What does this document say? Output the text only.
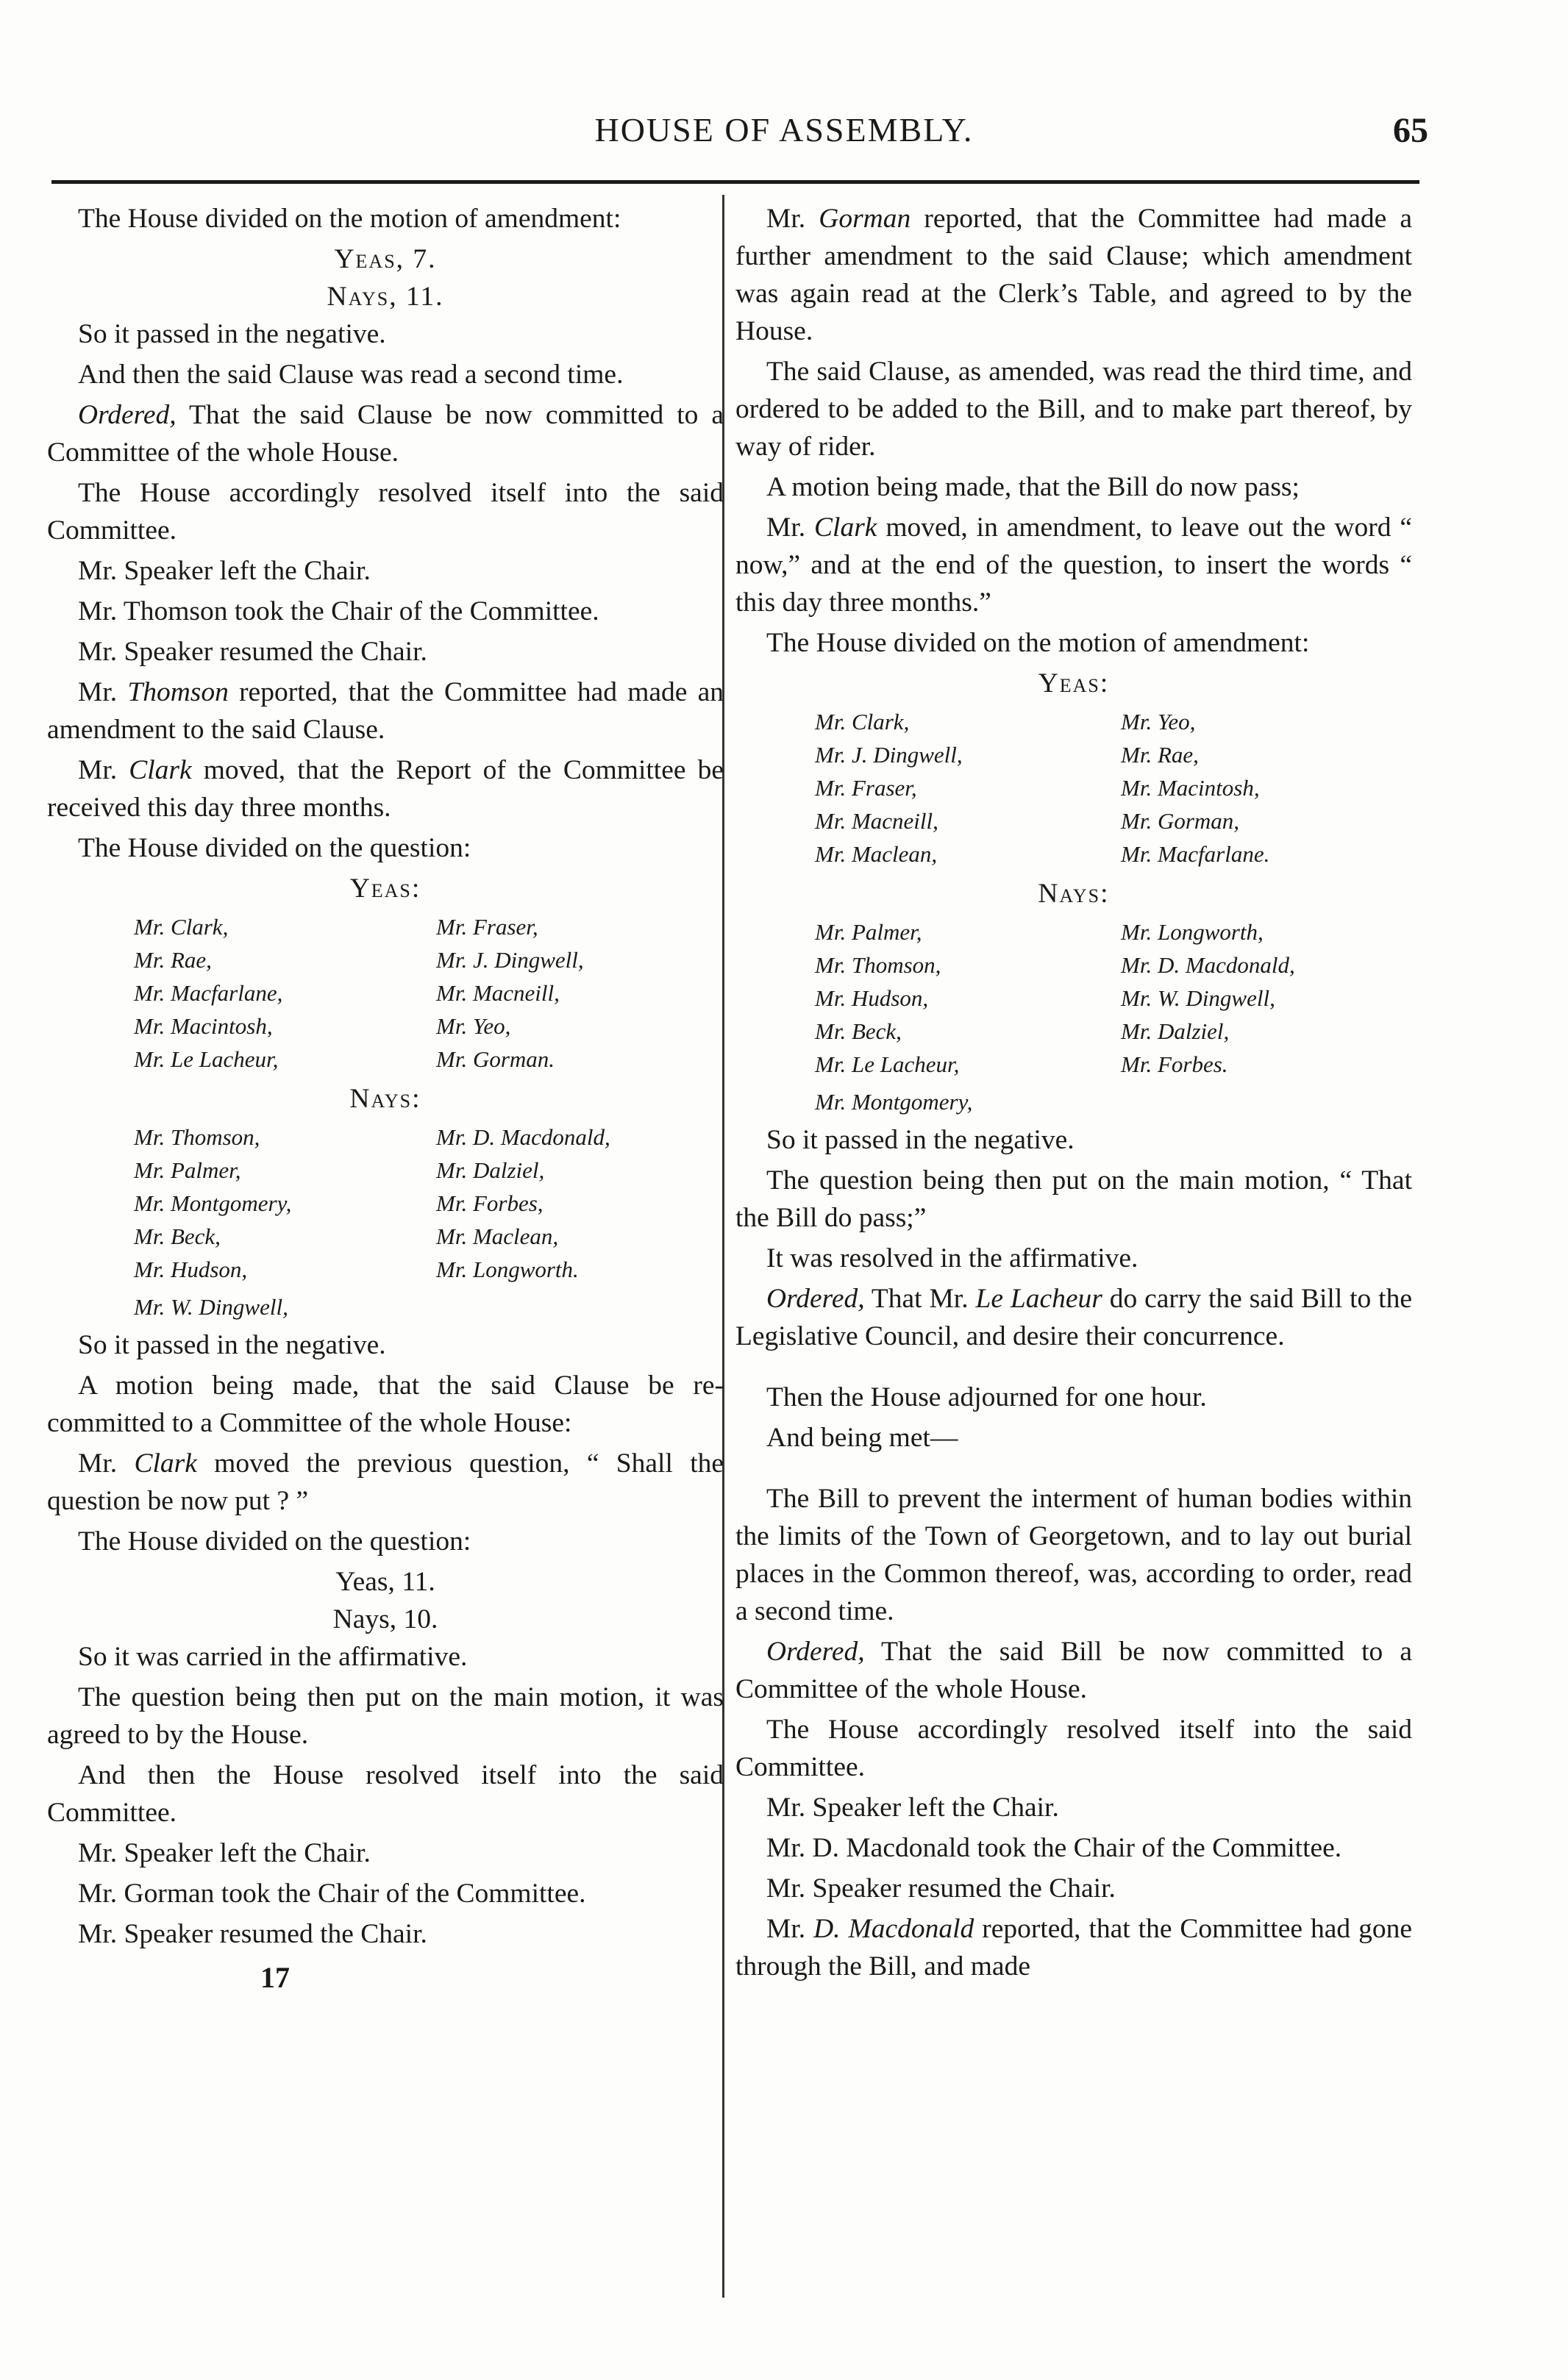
HOUSE OF ASSEMBLY.	65

The House divided on the motion of amendment:

Yeas, 7.

Nays, 11.

So it passed in the negative.

And then the said Clause was read a second time.

Ordered, That the said Clause be now committed to a Committee of the whole House.

The House accordingly resolved itself into the said Committee.

Mr. Speaker left the Chair.

Mr. Thomson took the Chair of the Committee.

Mr. Speaker resumed the Chair.

Mr. Thomson reported, that the Committee had made an amendment to the said Clause.

Mr. Clark moved, that the Report of the Committee be received this day three months.

The House divided on the question:

Yeas:

Mr. Clark,	Mr. Fraser,
Mr. Rae,	Mr. J. Dingwell,
Mr. Macfarlane,	Mr. Macneill,
Mr. Macintosh,	Mr. Yeo,
Mr. Le Lacheur,	Mr. Gorman.

Nays:

Mr. Thomson,	Mr. D. Macdonald,
Mr. Palmer,	Mr. Dalziel,
Mr. Montgomery,	Mr. Forbes,
Mr. Beck,	Mr. Maclean,
Mr. Hudson,	Mr. Longworth.

Mr. W. Dingwell,

So it passed in the negative.

A motion being made, that the said Clause be re-committed to a Committee of the whole House:

Mr. Clark moved the previous question, “ Shall the question be now put ? ”

The House divided on the question:

Yeas, 11.

Nays, 10.

So it was carried in the affirmative.

The question being then put on the main motion, it was agreed to by the House.

And then the House resolved itself into the said Committee.

Mr. Speaker left the Chair.

Mr. Gorman took the Chair of the Committee.

Mr. Speaker resumed the Chair.

17

Mr. Gorman reported, that the Committee had made a further amendment to the said Clause; which amendment was again read at the Clerk’s Table, and agreed to by the House.

The said Clause, as amended, was read the third time, and ordered to be added to the Bill, and to make part thereof, by way of rider.

A motion being made, that the Bill do now pass;

Mr. Clark moved, in amendment, to leave out the word “ now,” and at the end of the question, to insert the words “ this day three months.”

The House divided on the motion of amendment:

Yeas:

Mr. Clark,	Mr. Yeo,
Mr. J. Dingwell,	Mr. Rae,
Mr. Fraser,	Mr. Macintosh,
Mr. Macneill,	Mr. Gorman,
Mr. Maclean,	Mr. Macfarlane.

Nays:

Mr. Palmer,	Mr. Longworth,
Mr. Thomson,	Mr. D. Macdonald,
Mr. Hudson,	Mr. W. Dingwell,
Mr. Beck,	Mr. Dalziel,
Mr. Le Lacheur,	Mr. Forbes.

Mr. Montgomery,

So it passed in the negative.

The question being then put on the main motion, “ That the Bill do pass;”

It was resolved in the affirmative.

Ordered, That Mr. Le Lacheur do carry the said Bill to the Legislative Council, and desire their concurrence.

Then the House adjourned for one hour.

And being met—

The Bill to prevent the interment of human bodies within the limits of the Town of Georgetown, and to lay out burial places in the Common thereof, was, according to order, read a second time.

Ordered, That the said Bill be now committed to a Committee of the whole House.

The House accordingly resolved itself into the said Committee.

Mr. Speaker left the Chair.

Mr. D. Macdonald took the Chair of the Committee.

Mr. Speaker resumed the Chair.

Mr. D. Macdonald reported, that the Committee had gone through the Bill, and made
